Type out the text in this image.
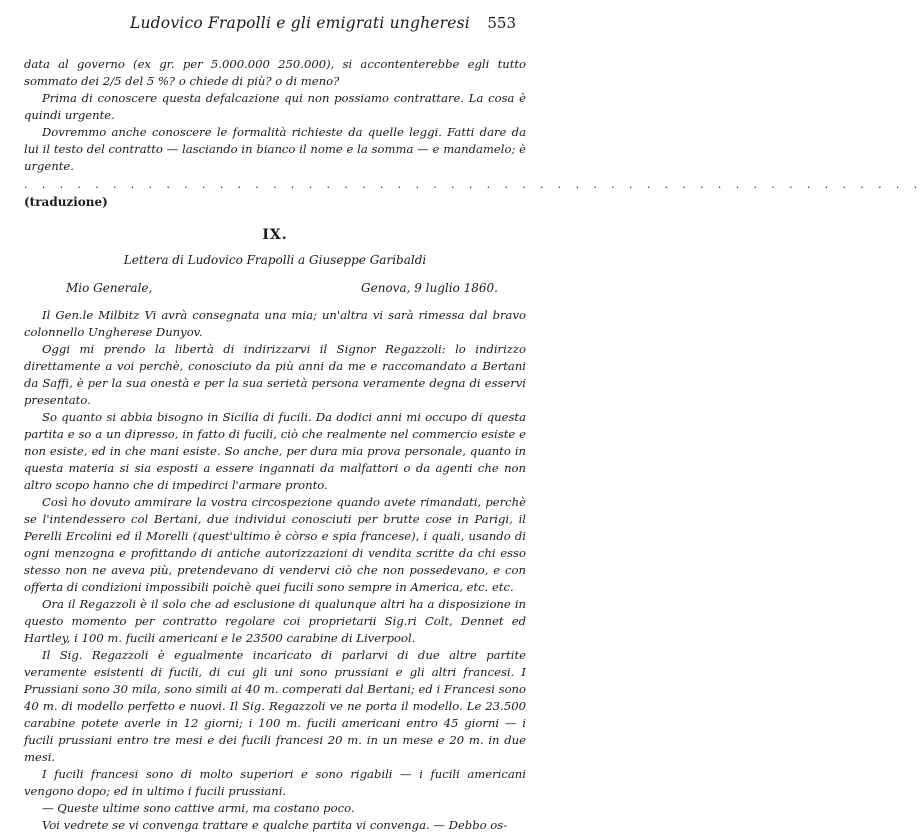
Ludovico Frapolli e gli emigrati ungheresi 553

data al governo (ex gr. per 5.000.000 250.000), si accontenterebbe egli tutto sommato dei 2/5 del 5 %? o chiede di più? o di meno?

Prima di conoscere questa defalcazione qui non possiamo contrattare. La cosa è quindi urgente.

Dovremmo anche conoscere le formalità richieste da quelle leggi. Fatti dare da lui il testo del contratto — lasciando in bianco il nome e la somma — e mandamelo; è urgente.

. . . . . . . . . . . . . . . . . . . . . . . . . . . . . . . . . . . . . . . . . . . . . . . . . . .
(traduzione)
IX.
Lettera di Ludovico Frapolli a Giuseppe Garibaldi
Mio Generale,	Genova, 9 luglio 1860.

Il Gen.le Milbitz Vi avrà consegnata una mia; un'altra vi sarà rimessa dal bravo colonnello Ungherese Dunyov.

Oggi mi prendo la libertà di indirizzarvi il Signor Regazzoli: lo indirizzo direttamente a voi perchè, conosciuto da più anni da me e raccomandato a Bertani da Saffi, è per la sua onestà e per la sua serietà persona veramente degna di esservi presentato.

So quanto si abbia bisogno in Sicilia di fucili. Da dodici anni mi occupo di questa partita e so a un dipresso, in fatto di fucili, ciò che realmente nel commercio esiste e non esiste, ed in che mani esiste. So anche, per dura mia prova personale, quanto in questa materia si sia esposti a essere ingannati da malfattori o da agenti che non altro scopo hanno che di impedirci l'armare pronto.

Così ho dovuto ammirare la vostra circospezione quando avete rimandati, perchè se l'intendessero col Bertani, due individui conosciuti per brutte cose in Parigi, il Perelli Ercolini ed il Morelli (quest'ultimo è còrso e spia francese), i quali, usando di ogni menzogna e profittando di antiche autorizzazioni di vendita scritte da chi esso stesso non ne aveva più, pretendevano di vendervi ciò che non possedevano, e con offerta di condizioni impossibili poichè quei fucili sono sempre in America, etc. etc.

Ora il Regazzoli è il solo che ad esclusione di qualunque altri ha a disposizione in questo momento per contratto regolare coi proprietarii Sig.ri Colt, Dennet ed Hartley, i 100 m. fucili americani e le 23500 carabine di Liverpool.

Il Sig. Regazzoli è egualmente incaricato di parlarvi di due altre partite veramente esistenti di fucili, di cui gli uni sono prussiani e gli altri francesi. I Prussiani sono 30 mila, sono simili ai 40 m. comperati dal Bertani; ed i Francesi sono 40 m. di modello perfetto e nuovi. Il Sig. Regazzoli ve ne porta il modello. Le 23.500 carabine potete averle in 12 giorni; i 100 m. fucili americani entro 45 giorni — i fucili prussiani entro tre mesi e dei fucili francesi 20 m. in un mese e 20 m. in due mesi.

I fucili francesi sono di molto superiori e sono rigabili — i fucili americani vengono dopo; ed in ultimo i fucili prussiani.

— Queste ultime sono cattive armi, ma costano poco.

Voi vedrete se vi convenga trattare e qualche partita vi convenga. — Debbo os-
